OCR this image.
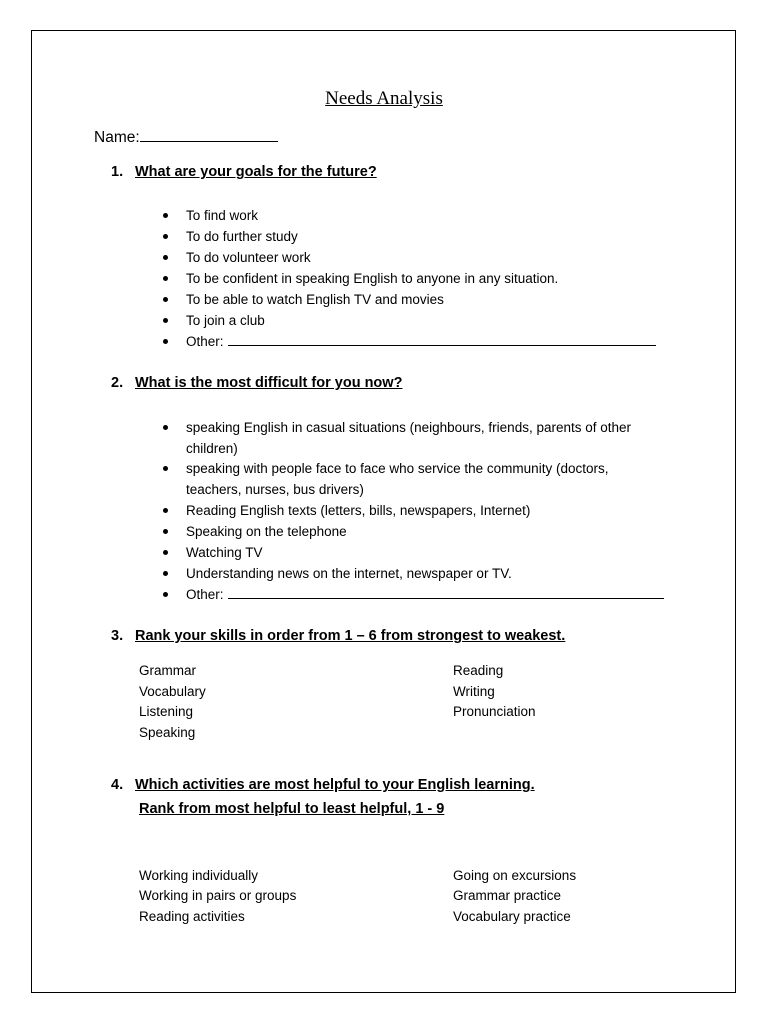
Needs Analysis
Name:
1. What are your goals for the future?
To find work
To do further study
To do volunteer work
To be confident in speaking English to anyone in any situation.
To be able to watch English TV and movies
To join a club
Other:
2. What is the most difficult for you now?
speaking English in casual situations (neighbours, friends, parents of other children)
speaking with people face to face who service the community (doctors, teachers, nurses, bus drivers)
Reading English texts (letters, bills, newspapers, Internet)
Speaking on the telephone
Watching TV
Understanding news on the internet, newspaper or TV.
Other:
3. Rank your skills in order from 1 – 6 from strongest to weakest.
Grammar
Vocabulary
Listening
Speaking
Reading
Writing
Pronunciation
4. Which activities are most helpful to your English learning.
Rank from most helpful to least helpful, 1 - 9
Working individually
Working in pairs or groups
Reading activities
Going on excursions
Grammar practice
Vocabulary practice
